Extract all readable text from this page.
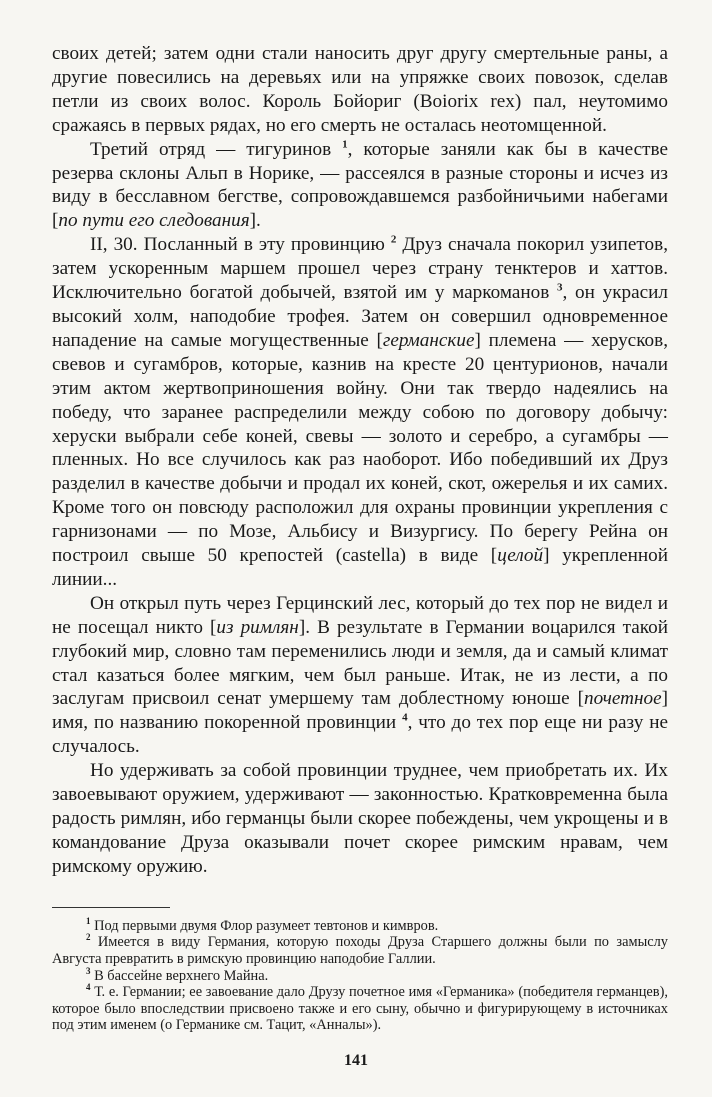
своих детей; затем одни стали наносить друг другу смертельные раны, а другие повесились на деревьях или на упряжке своих повозок, сделав петли из своих волос. Король Бойориг (Boiorix rex) пал, неутомимо сражаясь в первых рядах, но его смерть не осталась неотомщенной.

Третий отряд — тигуринов $^1$, которые заняли как бы в качестве резерва склоны Альп в Норике, — рассеялся в разные стороны и исчез из виду в бесславном бегстве, сопровождавшемся разбойничьими набегами [по пути его следования].

II, 30. Посланный в эту провинцию $^2$ Друз сначала покорил узипетов, затем ускоренным маршем прошел через страну тенктеров и хаттов. Исключительно богатой добычей, взятой им у маркоманов $^3$, он украсил высокий холм, наподобие трофея. Затем он совершил одновременное нападение на самые могущественные [германские] племена — херусков, свевов и сугамбров, которые, казнив на кресте 20 центурионов, начали этим актом жертвоприношения войну. Они так твердо надеялись на победу, что заранее распределили между собою по договору добычу: херуски выбрали себе коней, свевы — золото и серебро, а сугамбры — пленных. Но все случилось как раз наоборот. Ибо победивший их Друз разделил в качестве добычи и продал их коней, скот, ожерелья и их самих. Кроме того он повсюду расположил для охраны провинции укрепления с гарнизонами — по Мозе, Альбису и Визургису. По берегу Рейна он построил свыше 50 крепостей (castella) в виде [целой] укрепленной линии...

Он открыл путь через Герцинский лес, который до тех пор не видел и не посещал никто [из римлян]. В результате в Германии воцарился такой глубокий мир, словно там переменились люди и земля, да и самый климат стал казаться более мягким, чем был раньше. Итак, не из лести, а по заслугам присвоил сенат умершему там доблестному юноше [почетное] имя, по названию покоренной провинции $^4$, что до тех пор еще ни разу не случалось.

Но удерживать за собой провинции труднее, чем приобретать их. Их завоевывают оружием, удерживают — законностью. Кратковременна была радость римлян, ибо германцы были скорее побеждены, чем укрощены и в командование Друза оказывали почет скорее римским нравам, чем римскому оружию.

$^1$ Под первыми двумя Флор разумеет тевтонов и кимвров.

$^2$ Имеется в виду Германия, которую походы Друза Старшего должны были по замыслу Августа превратить в римскую провинцию наподобие Галлии.

$^3$ В бассейне верхнего Майна.

$^4$ Т. е. Германии; ее завоевание дало Друзу почетное имя «Германика» (победителя германцев), которое было впоследствии присвоено также и его сыну, обычно и фигурирующему в источниках под этим именем (о Германике см. Тацит, «Анналы»).

141
